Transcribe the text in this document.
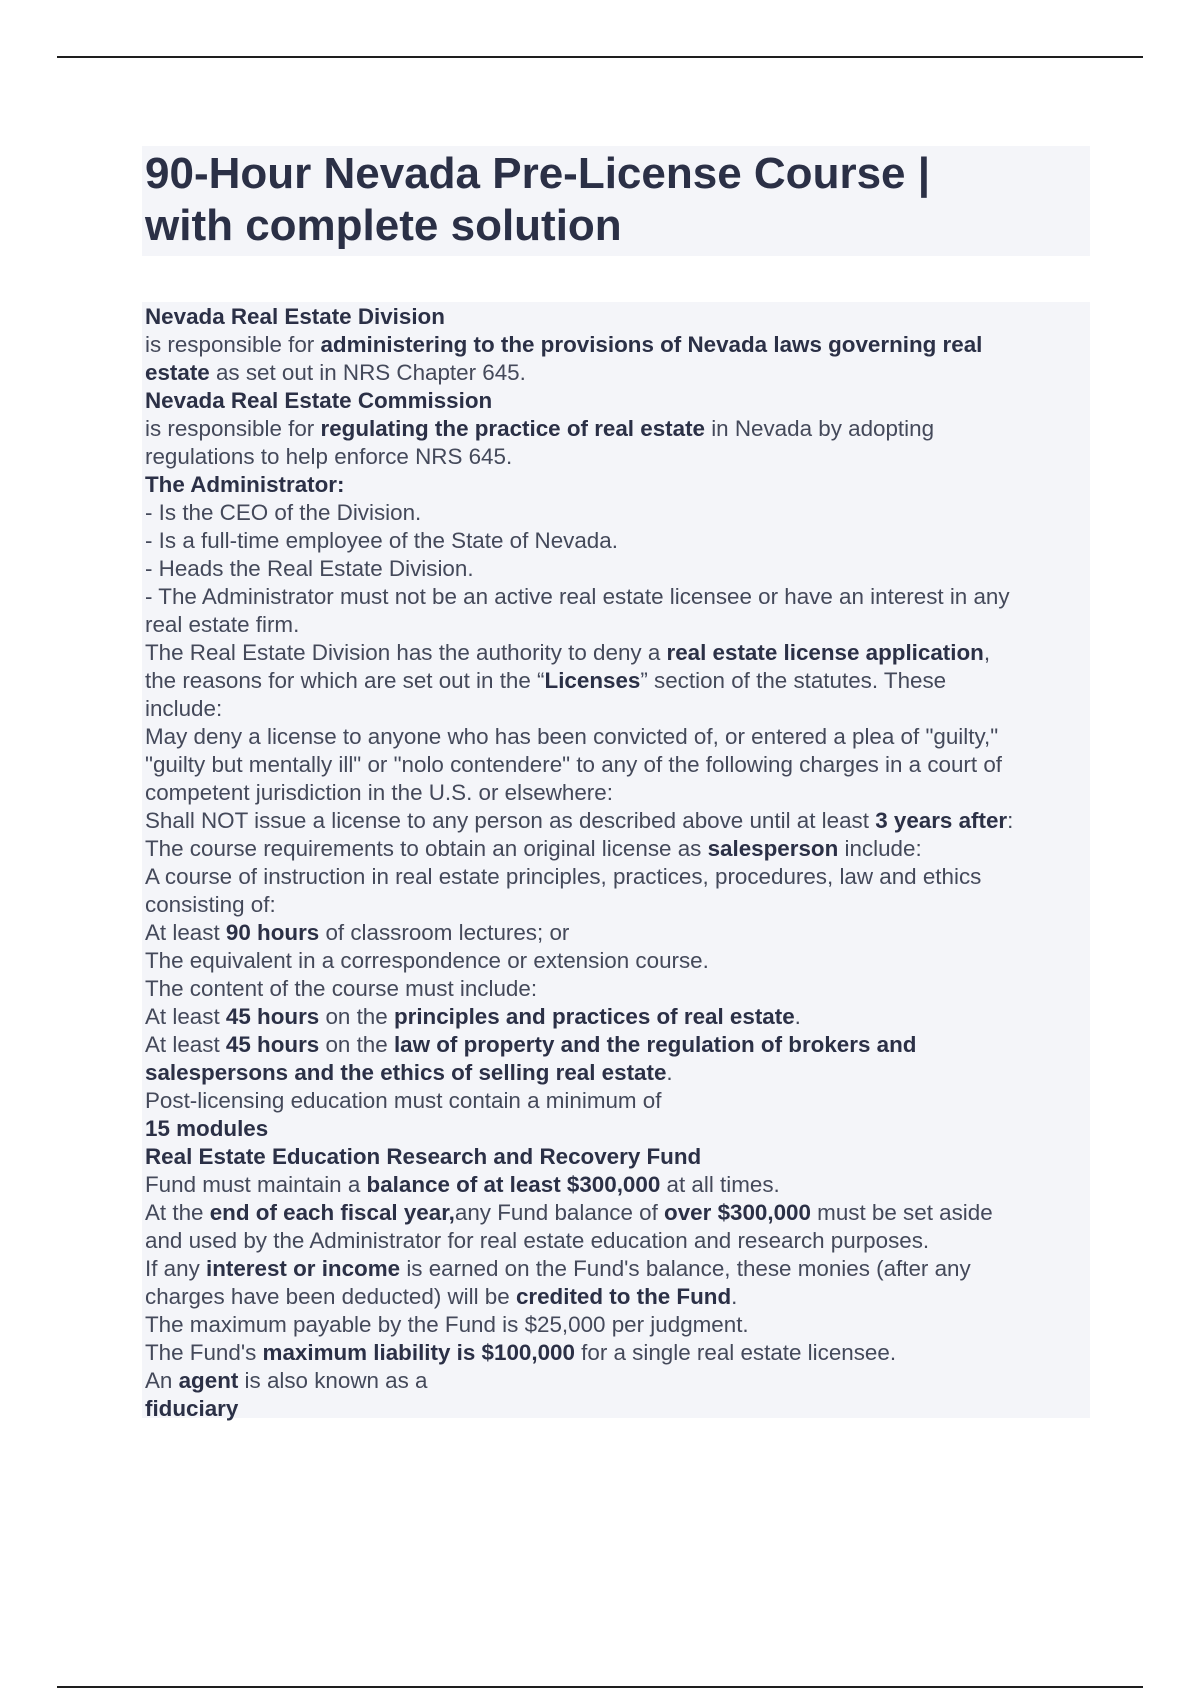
90-Hour Nevada Pre-License Course |
with complete solution
Nevada Real Estate Division
is responsible for administering to the provisions of Nevada laws governing real
estate as set out in NRS Chapter 645.
Nevada Real Estate Commission
is responsible for regulating the practice of real estate in Nevada by adopting
regulations to help enforce NRS 645.
The Administrator:
- Is the CEO of the Division.
- Is a full-time employee of the State of Nevada.
- Heads the Real Estate Division.
- The Administrator must not be an active real estate licensee or have an interest in any
real estate firm.
The Real Estate Division has the authority to deny a real estate license application,
the reasons for which are set out in the “Licenses” section of the statutes. These
include:
May deny a license to anyone who has been convicted of, or entered a plea of "guilty,"
"guilty but mentally ill" or "nolo contendere" to any of the following charges in a court of
competent jurisdiction in the U.S. or elsewhere:
Shall NOT issue a license to any person as described above until at least 3 years after:
The course requirements to obtain an original license as salesperson include:
A course of instruction in real estate principles, practices, procedures, law and ethics
consisting of:
At least 90 hours of classroom lectures; or
The equivalent in a correspondence or extension course.
The content of the course must include:
At least 45 hours on the principles and practices of real estate.
At least 45 hours on the law of property and the regulation of brokers and
salespersons and the ethics of selling real estate.
Post-licensing education must contain a minimum of
15 modules
Real Estate Education Research and Recovery Fund
Fund must maintain a balance of at least $300,000 at all times.
At the end of each fiscal year,any Fund balance of over $300,000 must be set aside
and used by the Administrator for real estate education and research purposes.
If any interest or income is earned on the Fund's balance, these monies (after any
charges have been deducted) will be credited to the Fund.
The maximum payable by the Fund is $25,000 per judgment.
The Fund's maximum liability is $100,000 for a single real estate licensee.
An agent is also known as a
fiduciary
